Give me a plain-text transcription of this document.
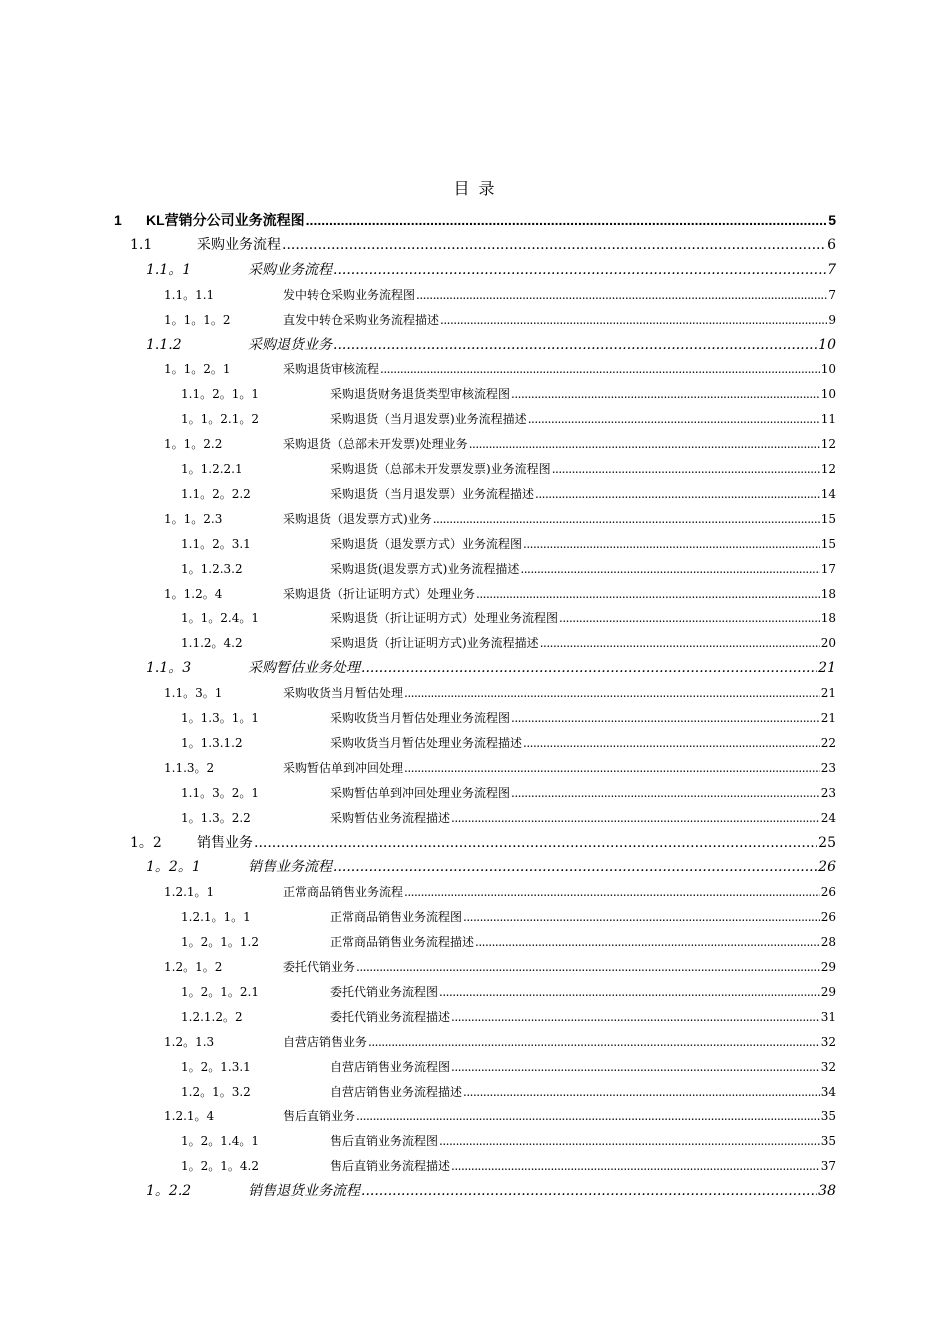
目 录
1	KL营销分公司业务流程图 .....	5
1.1	采购业务流程 .....	6
1.1。1	采购业务流程 .....	7
1.1。1.1	发中转仓采购业务流程图 .....	7
1。1。1。2	直发中转仓采购业务流程描述 .....	9
1.1.2	采购退货业务 .....	10
1。1。2。1	采购退货审核流程 .....	10
1.1。2。1。1	采购退货财务退货类型审核流程图 .....	10
1。1。2.1。2	采购退货（当月退发票)业务流程描述 .....	11
1。1。2.2	采购退货（总部未开发票)处理业务 .....	12
1。1.2.2.1	采购退货（总部未开发票发票)业务流程图 .....	12
1.1。2。2.2	采购退货（当月退发票）业务流程描述 .....	14
1。1。2.3	采购退货（退发票方式)业务 .....	15
1.1。2。3.1	采购退货（退发票方式）业务流程图 .....	15
1。1.2.3.2	采购退货(退发票方式)业务流程描述 .....	17
1。1.2。4	采购退货（折让证明方式）处理业务 .....	18
1。1。2.4。1	采购退货（折让证明方式）处理业务流程图 .....	18
1.1.2。4.2	采购退货（折让证明方式)业务流程描述 .....	20
1.1。3	采购暂估业务处理 .....	21
1.1。3。1	采购收货当月暂估处理 .....	21
1。1.3。1。1	采购收货当月暂估处理业务流程图 .....	21
1。1.3.1.2	采购收货当月暂估处理业务流程描述 .....	22
1.1.3。2	采购暂估单到冲回处理 .....	23
1.1。3。2。1	采购暂估单到冲回处理业务流程图 .....	23
1。1.3。2.2	采购暂估业务流程描述 .....	24
1。2	销售业务 .....	25
1。2。1	销售业务流程 .....	26
1.2.1。1	正常商品销售业务流程 .....	26
1.2.1。1。1	正常商品销售业务流程图 .....	26
1。2。1。1.2	正常商品销售业务流程描述 .....	28
1.2。1。2	委托代销业务 .....	29
1。2。1。2.1	委托代销业务流程图 .....	29
1.2.1.2。2	委托代销业务流程描述 .....	31
1.2。1.3	自营店销售业务 .....	32
1。2。1.3.1	自营店销售业务流程图 .....	32
1.2。1。3.2	自营店销售业务流程描述 .....	34
1.2.1。4	售后直销业务 .....	35
1。2。1.4。1	售后直销业务流程图 .....	35
1。2。1。4.2	售后直销业务流程描述 .....	37
1。2.2	销售退货业务流程 .....	38
